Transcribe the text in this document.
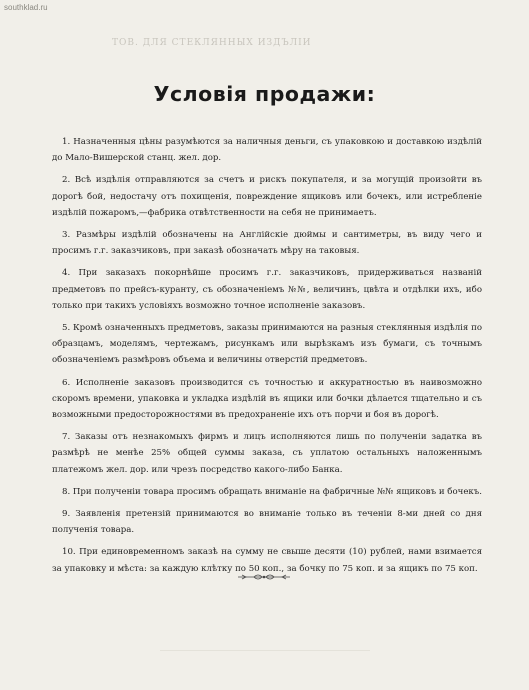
southklad.ru
ТОВ. ДЛЯ СТЕКЛЯННЫХ ИЗДЪЛІЙ
Условія продажи:

1. Назначенныя цѣны разумѣются за наличныя деньги, съ упаковкою и доставкою издѣлій до Мало-Вишерской станц. жел. дор.

2. Всѣ издѣлія отправляются за счетъ и рискъ покупателя, и за могущій произойти въ дорогѣ бой, недостачу отъ похищенія, повреждение ящиковъ или бочекъ, или истребленіе издѣлій пожаромъ,—фабрика отвѣтственности на себя не принимаетъ.

3. Размѣры издѣлій обозначены на Англійскіе дюймы и сантиметры, въ виду чего и просимъ г.г. заказчиковъ, при заказѣ обозначать мѣру на таковыя.

4. При заказахъ покорнѣйше просимъ г.г. заказчиковъ, придерживаться названій предметовъ по прейсъ-куранту, съ обозначеніемъ №№, величинъ, цвѣта и отдѣлки ихъ, ибо только при такихъ условіяхъ возможно точное исполненіе заказовъ.

5. Кромѣ означенныхъ предметовъ, заказы принимаются на разныя стеклянныя издѣлія по образцамъ, моделямъ, чертежамъ, рисункамъ или вырѣзкамъ изъ бумаги, съ точнымъ обозначеніемъ размѣровъ объема и величины отверстій предметовъ.

6. Исполненіе заказовъ производится съ точностью и аккуратностью въ наивозможно скоромъ времени, упаковка и укладка издѣлій въ ящики или бочки дѣлается тщательно и съ возможными предосторожностями въ предохраненіе ихъ отъ порчи и боя въ дорогѣ.

7. Заказы отъ незнакомыхъ фирмъ и лицъ исполняются лишь по полученіи задатка въ размѣрѣ не менѣе 25% общей суммы заказа, съ уплатою остальныхъ наложеннымъ платежомъ жел. дор. или чрезъ посредство какого-либо Банка.

8. При полученіи товара просимъ обращать вниманіе на фабричные №№ ящиковъ и бочекъ.

9. Заявленія претензій принимаются во вниманіе только въ теченіи 8-ми дней со дня полученія товара.

10. При единовременномъ заказѣ на сумму не свыше десяти (10) рублей, нами взимается за упаковку и мѣста: за каждую клѣтку по 50 коп., за бочку по 75 коп. и за ящикъ по 75 коп.
